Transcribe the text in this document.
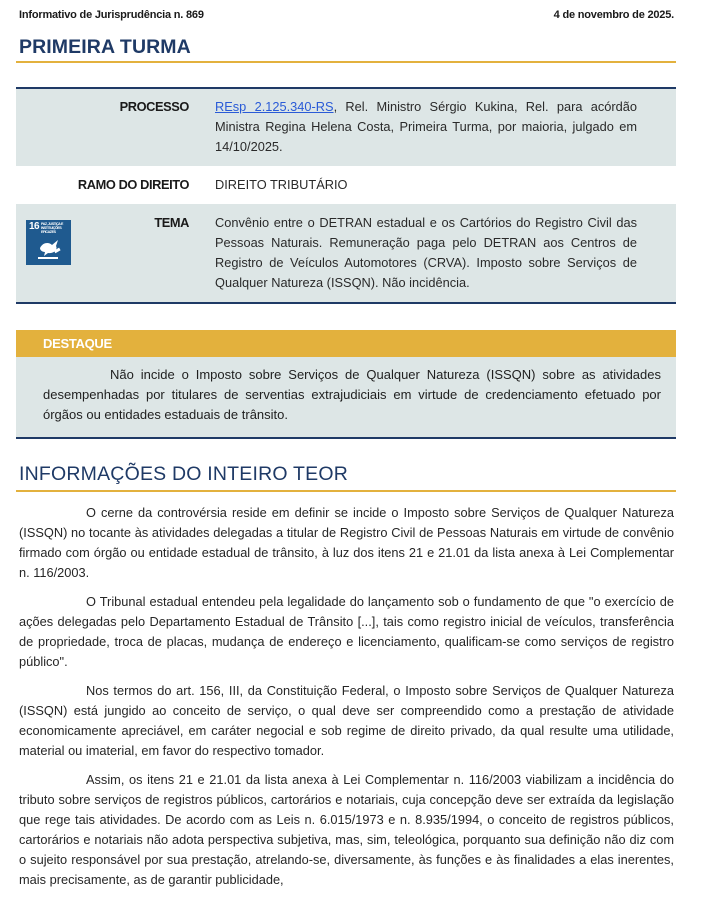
Informativo de Jurisprudência n. 869	4 de novembro de 2025.
PRIMEIRA TURMA
PROCESSO	REsp 2.125.340-RS, Rel. Ministro Sérgio Kukina, Rel. para acórdão Ministra Regina Helena Costa, Primeira Turma, por maioria, julgado em 14/10/2025.
RAMO DO DIREITO	DIREITO TRIBUTÁRIO
16 PAZ, JUSTIÇA E INSTITUIÇÕES EFICAZES
TEMA	Convênio entre o DETRAN estadual e os Cartórios do Registro Civil das Pessoas Naturais. Remuneração paga pelo DETRAN aos Centros de Registro de Veículos Automotores (CRVA). Imposto sobre Serviços de Qualquer Natureza (ISSQN). Não incidência.
DESTAQUE
Não incide o Imposto sobre Serviços de Qualquer Natureza (ISSQN) sobre as atividades desempenhadas por titulares de serventias extrajudiciais em virtude de credenciamento efetuado por órgãos ou entidades estaduais de trânsito.
INFORMAÇÕES DO INTEIRO TEOR

O cerne da controvérsia reside em definir se incide o Imposto sobre Serviços de Qualquer Natureza (ISSQN) no tocante às atividades delegadas a titular de Registro Civil de Pessoas Naturais em virtude de convênio firmado com órgão ou entidade estadual de trânsito, à luz dos itens 21 e 21.01 da lista anexa à Lei Complementar n. 116/2003.

O Tribunal estadual entendeu pela legalidade do lançamento sob o fundamento de que "o exercício de ações delegadas pelo Departamento Estadual de Trânsito [...], tais como registro inicial de veículos, transferência de propriedade, troca de placas, mudança de endereço e licenciamento, qualificam-se como serviços de registro público".

Nos termos do art. 156, III, da Constituição Federal, o Imposto sobre Serviços de Qualquer Natureza (ISSQN) está jungido ao conceito de serviço, o qual deve ser compreendido como a prestação de atividade economicamente apreciável, em caráter negocial e sob regime de direito privado, da qual resulte uma utilidade, material ou imaterial, em favor do respectivo tomador.

Assim, os itens 21 e 21.01 da lista anexa à Lei Complementar n. 116/2003 viabilizam a incidência do tributo sobre serviços de registros públicos, cartorários e notariais, cuja concepção deve ser extraída da legislação que rege tais atividades. De acordo com as Leis n. 6.015/1973 e n. 8.935/1994, o conceito de registros públicos, cartorários e notariais não adota perspectiva subjetiva, mas, sim, teleológica, porquanto sua definição não diz com o sujeito responsável por sua prestação, atrelando-se, diversamente, às funções e às finalidades a elas inerentes, mais precisamente, as de garantir publicidade,
